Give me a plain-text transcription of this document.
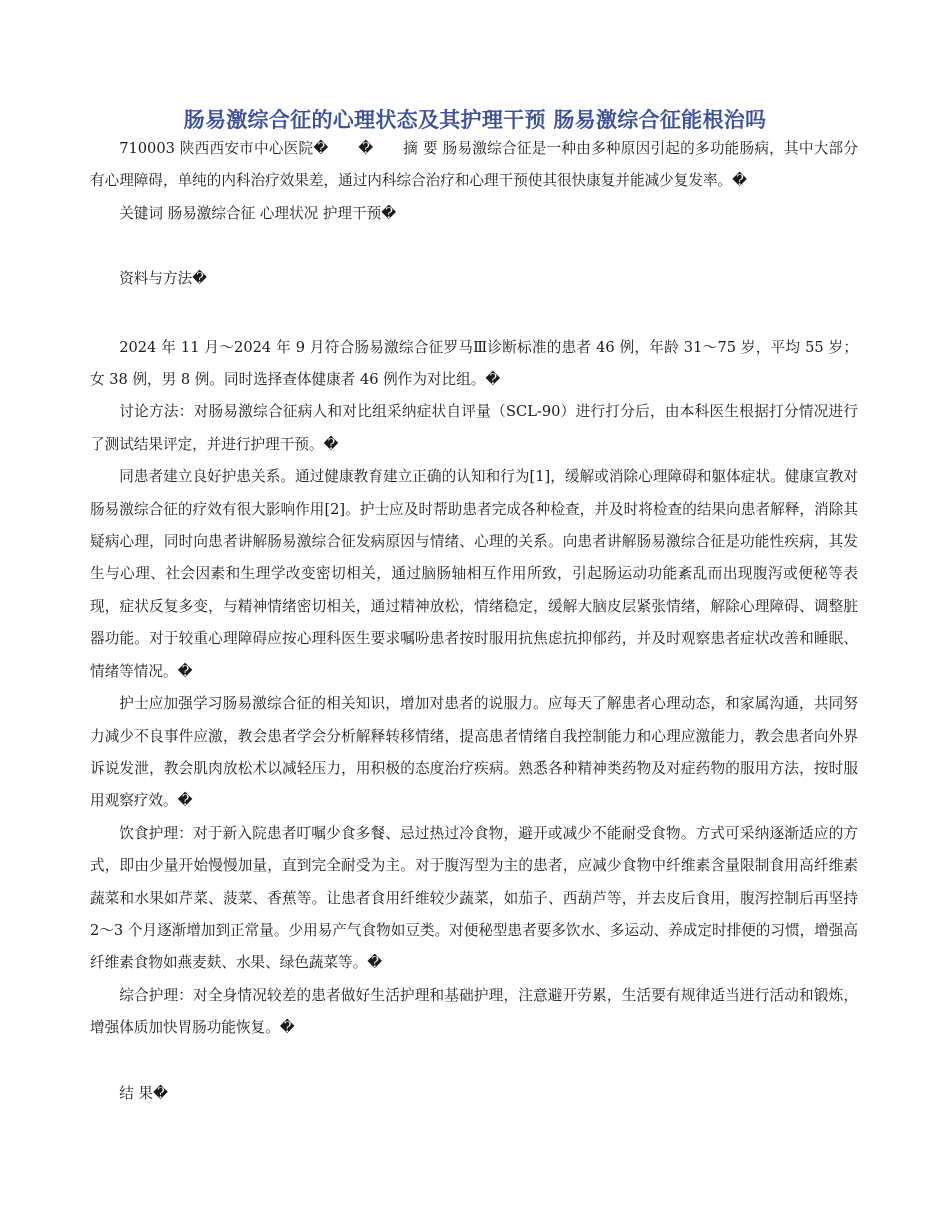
肠易激综合征的心理状态及其护理干预 肠易激综合征能根治吗

710003 陕西西安市中心医院�　　�　　摘 要 肠易激综合征是一种由多种原因引起的多功能肠病，其中大部分有心理障碍，单纯的内科治疗效果差，通过内科综合治疗和心理干预使其很快康复并能减少复发率。�

关键词 肠易激综合征 心理状况 护理干预�

资料与方法�

2024 年 11 月～2024 年 9 月符合肠易激综合征罗马Ⅲ诊断标准的患者 46 例，年龄 31～75 岁，平均 55 岁；女 38 例，男 8 例。同时选择查体健康者 46 例作为对比组。�

讨论方法：对肠易激综合征病人和对比组采纳症状自评量（SCL-90）进行打分后，由本科医生根据打分情况进行了测试结果评定，并进行护理干预。�

同患者建立良好护患关系。通过健康教育建立正确的认知和行为[1]，缓解或消除心理障碍和躯体症状。健康宣教对肠易激综合征的疗效有很大影响作用[2]。护士应及时帮助患者完成各种检查，并及时将检查的结果向患者解释，消除其疑病心理，同时向患者讲解肠易激综合征发病原因与情绪、心理的关系。向患者讲解肠易激综合征是功能性疾病，其发生与心理、社会因素和生理学改变密切相关，通过脑肠轴相互作用所致，引起肠运动功能紊乱而出现腹泻或便秘等表现，症状反复多变，与精神情绪密切相关，通过精神放松，情绪稳定，缓解大脑皮层紧张情绪，解除心理障碍、调整脏器功能。对于较重心理障碍应按心理科医生要求嘱吩患者按时服用抗焦虑抗抑郁药，并及时观察患者症状改善和睡眠、情绪等情况。�

护士应加强学习肠易激综合征的相关知识，增加对患者的说服力。应每天了解患者心理动态，和家属沟通，共同努力减少不良事件应激，教会患者学会分析解释转移情绪，提高患者情绪自我控制能力和心理应激能力，教会患者向外界诉说发泄，教会肌肉放松术以减轻压力，用积极的态度治疗疾病。熟悉各种精神类药物及对症药物的服用方法，按时服用观察疗效。�

饮食护理：对于新入院患者叮嘱少食多餐、忌过热过冷食物，避开或减少不能耐受食物。方式可采纳逐渐适应的方式，即由少量开始慢慢加量，直到完全耐受为主。对于腹泻型为主的患者，应减少食物中纤维素含量限制食用高纤维素蔬菜和水果如芹菜、菠菜、香蕉等。让患者食用纤维较少蔬菜，如茄子、西葫芦等，并去皮后食用，腹泻控制后再坚持 2～3 个月逐渐增加到正常量。少用易产气食物如豆类。对便秘型患者要多饮水、多运动、养成定时排便的习惯，增强高纤维素食物如燕麦麸、水果、绿色蔬菜等。�

综合护理：对全身情况较差的患者做好生活护理和基础护理，注意避开劳累，生活要有规律适当进行活动和锻炼，增强体质加快胃肠功能恢复。�

结 果�
